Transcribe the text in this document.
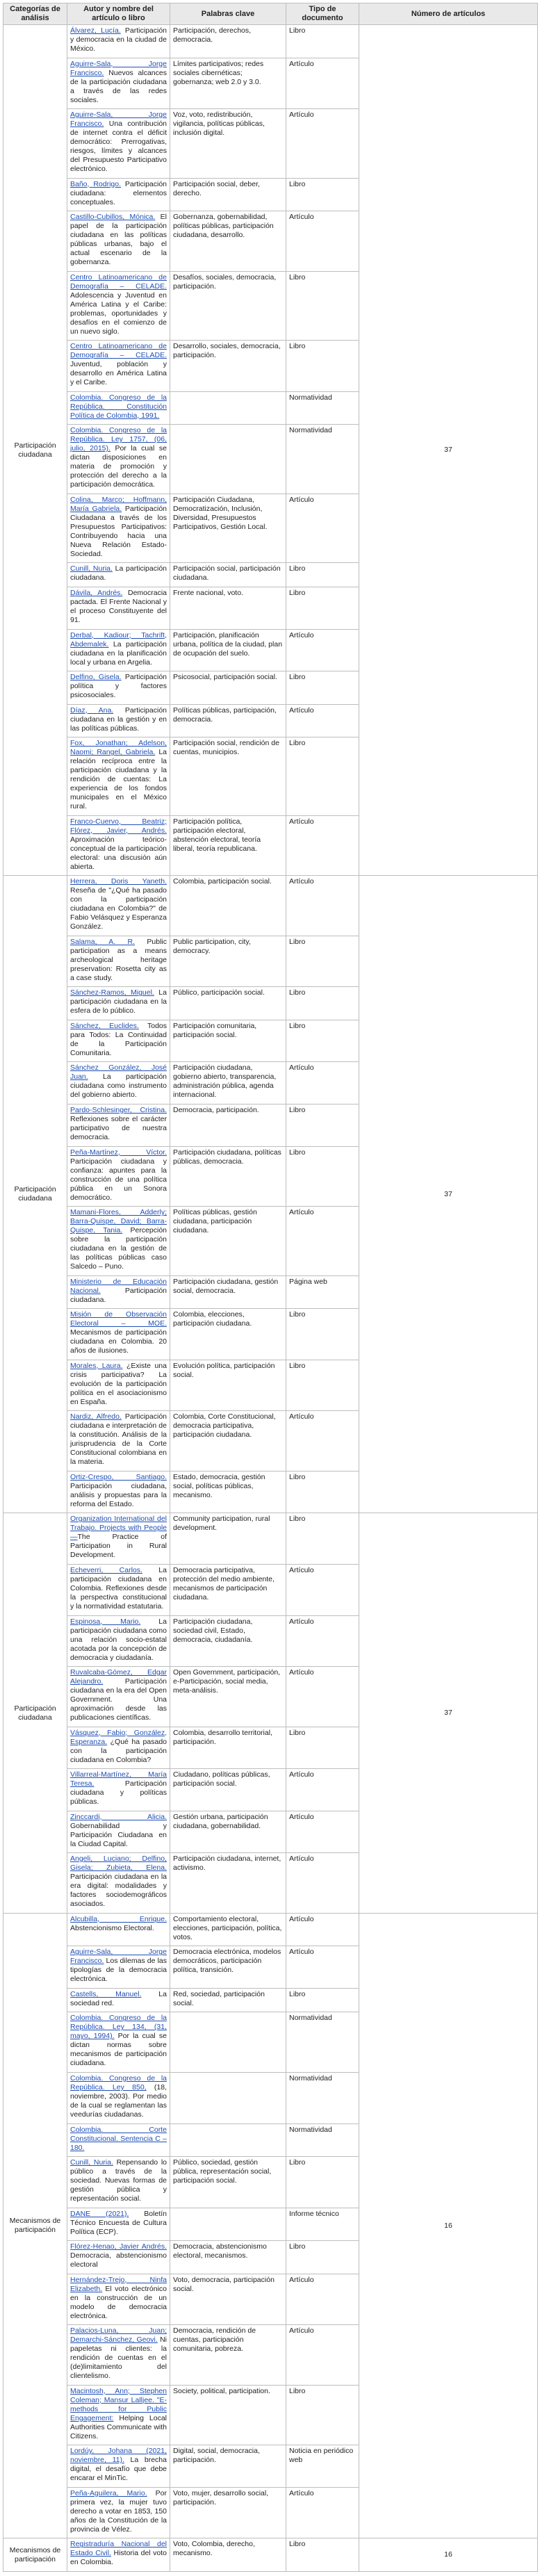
Categorías de análisis	Autor y nombre del artículo o libro	Palabras clave	Tipo de documento	Número de artículos
Participación ciudadana	Álvarez, Lucía. Participación y democracia en la ciudad de México.	Participación, derechos, democracia.	Libro	37
	Aguirre-Sala, Jorge Francisco. Nuevos alcances de la participación ciudadana a través de las redes sociales.	Límites participativos; redes sociales cibernéticas; gobernanza; web 2.0 y 3.0.	Artículo	
	Aguirre-Sala, Jorge Francisco. Una contribución de internet contra el déficit democrático: Prerrogativas, riesgos, límites y alcances del Presupuesto Participativo electrónico.	Voz, voto, redistribución, vigilancia, políticas públicas, inclusión digital.	Artículo	
	Baño, Rodrigo. Participación ciudadana: elementos conceptuales.	Participación social, deber, derecho.	Libro	
	Castillo-Cubillos, Mónica. El papel de la participación ciudadana en las políticas públicas urbanas, bajo el actual escenario de la gobernanza.	Gobernanza, gobernabilidad, políticas públicas, participación ciudadana, desarrollo.	Artículo	
	Centro Latinoamericano de Demografía – CELADE. Adolescencia y Juventud en América Latina y el Caribe: problemas, oportunidades y desafíos en el comienzo de un nuevo siglo.	Desafíos, sociales, democracia, participación.	Libro	
	Centro Latinoamericano de Demografía – CELADE. Juventud, población y desarrollo en América Latina y el Caribe.	Desarrollo, sociales, democracia, participación.	Libro	
	Colombia. Congreso de la República. Constitución Política de Colombia, 1991.		Normatividad	
	Colombia. Congreso de la República. Ley 1757, (06, julio, 2015). Por la cual se dictan disposiciones en materia de promoción y protección del derecho a la participación democrática.		Normatividad	
	Colina, Marco; Hoffmann, María Gabriela. Participación Ciudadana a través de los Presupuestos Participativos: Contribuyendo hacia una Nueva Relación Estado-Sociedad.	Participación Ciudadana, Democratización, Inclusión, Diversidad, Presupuestos Participativos, Gestión Local.	Artículo	
	Cunill, Nuria. La participación ciudadana.	Participación social, participación ciudadana.	Libro	
	Dávila, Andrés. Democracia pactada. El Frente Nacional y el proceso Constituyente del 91.	Frente nacional, voto.	Libro	
	Derbal, Kadiour; Tachrift, Abdemalek. La participación ciudadana en la planificación local y urbana en Argelia.	Participación, planificación urbana, política de la ciudad, plan de ocupación del suelo.	Artículo	
	Delfino, Gisela. Participación política y factores psicosociales.	Psicosocial, participación social.	Libro	
	Díaz, Ana. Participación ciudadana en la gestión y en las políticas públicas.	Políticas públicas, participación, democracia.	Artículo	
	Fox, Jonathan; Adelson, Naomi; Rangel, Gabriela. La relación recíproca entre la participación ciudadana y la rendición de cuentas: La experiencia de los fondos municipales en el México rural.	Participación social, rendición de cuentas, municipios.	Libro	
	Franco-Cuervo, Beatriz; Flórez, Javier, Andrés. Aproximación teórico-conceptual de la participación electoral: una discusión aún abierta.	Participación política, participación electoral, abstención electoral, teoría liberal, teoría republicana.	Artículo	
Participación ciudadana	Herrera, Doris Yaneth. Reseña de "¿Qué ha pasado con la participación ciudadana en Colombia?" de Fabio Velásquez y Esperanza González.	Colombia, participación social.	Artículo	37
	Salama, A. R. Public participation as a means archeological heritage preservation: Rosetta city as a case study.	Public participation, city, democracy.	Libro	
	Sánchez-Ramos, Miguel. La participación ciudadana en la esfera de lo público.	Público, participación social.	Libro	
	Sánchez, Euclides. Todos para Todos: La Continuidad de la Participación Comunitaria.	Participación comunitaria, participación social.	Libro	
	Sánchez González, José Juan. La participación ciudadana como instrumento del gobierno abierto.	Participación ciudadana, gobierno abierto, transparencia, administración pública, agenda internacional.	Artículo	
	Pardo-Schlesinger, Cristina. Reflexiones sobre el carácter participativo de nuestra democracia.	Democracia, participación.	Libro	
	Peña-Martínez, Víctor. Participación ciudadana y confianza: apuntes para la construcción de una política pública en un Sonora democrático.	Participación ciudadana, políticas públicas, democracia.	Libro	
	Mamani-Flores, Adderly; Barra-Quispe, David; Barra-Quispe, Tania. Percepción sobre la participación ciudadana en la gestión de las políticas públicas caso Salcedo – Puno.	Políticas públicas, gestión ciudadana, participación ciudadana.	Artículo	
	Ministerio de Educación Nacional. Participación ciudadana.	Participación ciudadana, gestión social, democracia.	Página web	
	Misión de Observación Electoral – MOE. Mecanismos de participación ciudadana en Colombia. 20 años de ilusiones.	Colombia, elecciones, participación ciudadana.	Libro	
	Morales, Laura. ¿Existe una crisis participativa? La evolución de la participación política en el asociacionismo en España.	Evolución política, participación social.	Libro	
	Nardiz, Alfredo. Participación ciudadana e interpretación de la constitución. Análisis de la jurisprudencia de la Corte Constitucional colombiana en la materia.	Colombia, Corte Constitucional, democracia participativa, participación ciudadana.	Artículo	
	Ortiz-Crespo, Santiago. Participación ciudadana, análisis y propuestas para la reforma del Estado.	Estado, democracia, gestión social, políticas públicas, mecanismo.	Libro	
Participación ciudadana	Organization International del Trabajo. Projects with People—The Practice of Participation in Rural Development.	Community participation, rural development.	Libro	37
	Echeverri, Carlos. La participación ciudadana en Colombia. Reflexiones desde la perspectiva constitucional y la normatividad estatutaria.	Democracia participativa, protección del medio ambiente, mecanismos de participación ciudadana.	Artículo	
	Espinosa, Mario. La participación ciudadana como una relación socio-estatal acotada por la concepción de democracia y ciudadanía.	Participación ciudadana, sociedad civil, Estado, democracia, ciudadanía.	Artículo	
	Ruvalcaba-Gómez, Edgar Alejandro. Participación ciudadana en la era del Open Government. Una aproximación desde las publicaciones científicas.	Open Government, participación, e-Participación, social media, meta-análisis.	Artículo	
	Vásquez, Fabio; González, Esperanza. ¿Qué ha pasado con la participación ciudadana en Colombia?	Colombia, desarrollo territorial, participación.	Libro	
	Villarreal-Martínez, María Teresa. Participación ciudadana y políticas públicas.	Ciudadano, políticas públicas, participación social.	Artículo	
	Zinccardi, Alicia. Gobernabilidad y Participación Ciudadana en la Ciudad Capital.	Gestión urbana, participación ciudadana, gobernabilidad.	Artículo	
	Angeli, Luciano; Delfino, Gisela; Zubieta, Elena. Participación ciudadana en la era digital: modalidades y factores sociodemográficos asociados.	Participación ciudadana, internet, activismo.	Artículo	
Mecanismos de participación	Alcubilla, Enrique. Abstencionismo Electoral.	Comportamiento electoral, elecciones, participación, política, votos.	Artículo	16
	Aguirre-Sala, Jorge Francisco. Los dilemas de las tipologías de la democracia electrónica.	Democracia electrónica, modelos democráticos, participación política, transición.	Artículo	
	Castells, Manuel. La sociedad red.	Red, sociedad, participación social.	Libro	
	Colombia. Congreso de la República. Ley 134, (31, mayo, 1994). Por la cual se dictan normas sobre mecanismos de participación ciudadana.		Normatividad	
	Colombia. Congreso de la República. Ley 850, (18, noviembre, 2003). Por medio de la cual se reglamentan las veedurías ciudadanas.		Normatividad	
	Colombia. Corte Constitucional. Sentencia C – 180.		Normatividad	
	Cunill, Nuria. Repensando lo público a través de la sociedad. Nuevas formas de gestión pública y representación social.	Público, sociedad, gestión pública, representación social, participación social.	Libro	
	DANE (2021). Boletín Técnico Encuesta de Cultura Política (ECP).		Informe técnico	
	Flórez-Henao, Javier Andrés. Democracia, abstencionismo electoral	Democracia, abstencionismo electoral, mecanismos.	Libro	
	Hernández-Trejo, Ninfa Elizabeth. El voto electrónico en la construcción de un modelo de democracia electrónica.	Voto, democracia, participación social.	Artículo	
	Palacios-Luna, Juan; Demarchi-Sánchez, Geovi. Ni papeletas ni clientes: la rendición de cuentas en el (de)limitamiento del clientelismo.	Democracia, rendición de cuentas, participación comunitaria, pobreza.	Artículo	
	Macintosh, Ann; Stephen Coleman; Mansur Lalljee. "E-methods for Public Engagement: Helping Local Authorities Communicate with Citizens.	Society, political, participation.	Libro	
	Lordúy, Johana (2021, noviembre, 11). La brecha digital, el desafío que debe encarar el MinTic.	Digital, social, democracia, participación.	Noticia en periódico web	
	Peña-Aguilera, Mario. Por primera vez, la mujer tuvo derecho a votar en 1853, 150 años de la Constitución de la provincia de Vélez.	Voto, mujer, desarrollo social, participación.	Artículo	
Mecanismos de participación	Registraduría Nacional del Estado Civil. Historia del voto en Colombia.	Voto, Colombia, derecho, mecanismo.	Libro	16
